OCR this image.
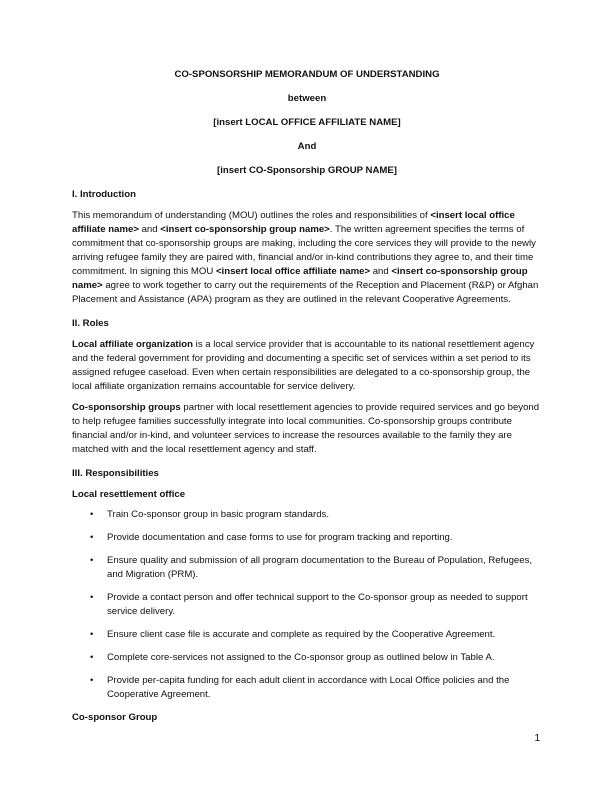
CO-SPONSORSHIP MEMORANDUM OF UNDERSTANDING

between

[insert LOCAL OFFICE AFFILIATE NAME]

And

[insert CO-Sponsorship GROUP NAME]

I. Introduction

This memorandum of understanding (MOU) outlines the roles and responsibilities of <insert local office affiliate name> and <insert co-sponsorship group name>. The written agreement specifies the terms of commitment that co-sponsorship groups are making, including the core services they will provide to the newly arriving refugee family they are paired with, financial and/or in-kind contributions they agree to, and their time commitment. In signing this MOU <insert local office affiliate name> and <insert co-sponsorship group name> agree to work together to carry out the requirements of the Reception and Placement (R&P) or Afghan Placement and Assistance (APA) program as they are outlined in the relevant Cooperative Agreements.

II. Roles

Local affiliate organization is a local service provider that is accountable to its national resettlement agency and the federal government for providing and documenting a specific set of services within a set period to its assigned refugee caseload. Even when certain responsibilities are delegated to a co-sponsorship group, the local affiliate organization remains accountable for service delivery.

Co-sponsorship groups partner with local resettlement agencies to provide required services and go beyond to help refugee families successfully integrate into local communities. Co-sponsorship groups contribute financial and/or in-kind, and volunteer services to increase the resources available to the family they are matched with and the local resettlement agency and staff.

III. Responsibilities

Local resettlement office

• Train Co-sponsor group in basic program standards.
• Provide documentation and case forms to use for program tracking and reporting.
• Ensure quality and submission of all program documentation to the Bureau of Population, Refugees, and Migration (PRM).
• Provide a contact person and offer technical support to the Co-sponsor group as needed to support service delivery.
• Ensure client case file is accurate and complete as required by the Cooperative Agreement.
• Complete core-services not assigned to the Co-sponsor group as outlined below in Table A.
• Provide per-capita funding for each adult client in accordance with Local Office policies and the Cooperative Agreement.

Co-sponsor Group

1
